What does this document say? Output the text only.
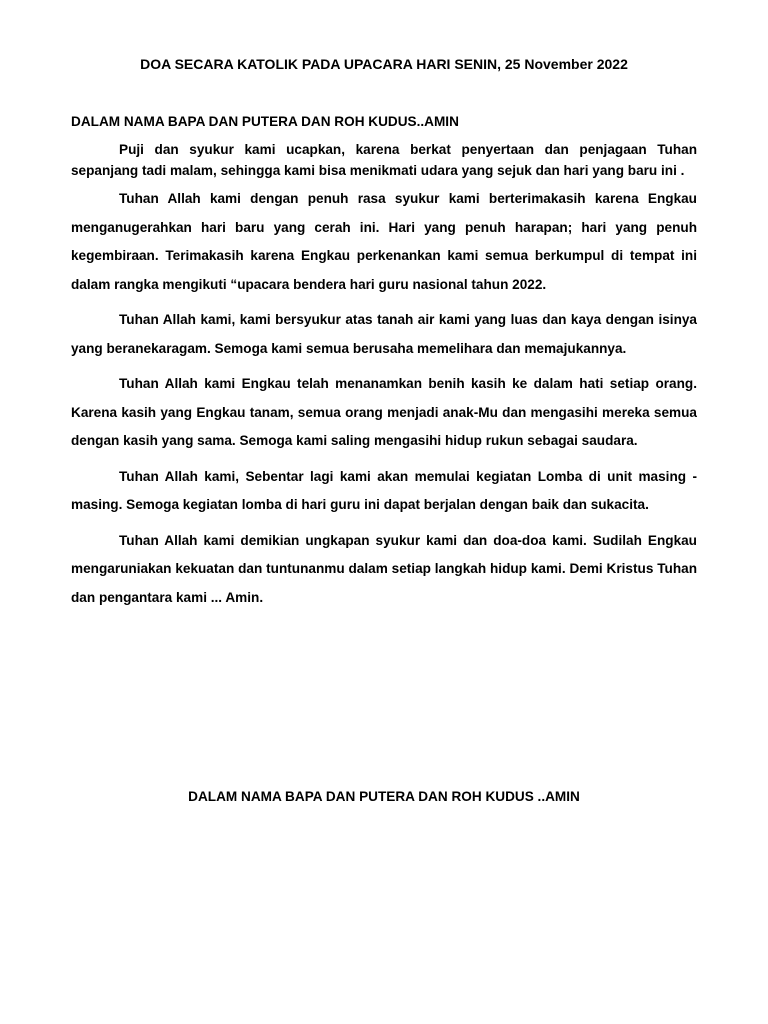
DOA SECARA KATOLIK PADA UPACARA HARI SENIN, 25 November 2022

DALAM NAMA BAPA DAN PUTERA DAN ROH KUDUS..AMIN

Puji dan syukur kami ucapkan, karena berkat penyertaan dan penjagaan Tuhan sepanjang tadi malam, sehingga kami bisa menikmati udara yang sejuk dan hari yang baru ini .

Tuhan Allah kami dengan penuh rasa syukur kami berterimakasih karena Engkau menganugerahkan hari baru yang cerah ini. Hari yang penuh harapan; hari yang penuh kegembiraan. Terimakasih karena Engkau perkenankan kami semua berkumpul di tempat ini dalam rangka mengikuti “upacara bendera hari guru nasional tahun 2022.

Tuhan Allah kami, kami bersyukur atas tanah air kami yang luas dan kaya dengan isinya yang beranekaragam. Semoga kami semua berusaha memelihara dan memajukannya.

Tuhan Allah kami Engkau telah menanamkan benih kasih ke dalam hati setiap orang. Karena kasih yang Engkau tanam, semua orang menjadi anak-Mu dan mengasihi mereka semua dengan kasih yang sama. Semoga kami saling mengasihi hidup rukun sebagai saudara.

Tuhan Allah kami, Sebentar lagi kami akan memulai kegiatan Lomba di unit masing - masing. Semoga kegiatan lomba di hari guru ini dapat berjalan dengan baik dan sukacita.

Tuhan Allah kami demikian ungkapan syukur kami dan doa-doa kami. Sudilah Engkau mengaruniakan kekuatan dan tuntunanmu dalam setiap langkah hidup kami. Demi Kristus Tuhan dan pengantara kami ... Amin.

DALAM NAMA BAPA DAN PUTERA DAN ROH KUDUS ..AMIN
